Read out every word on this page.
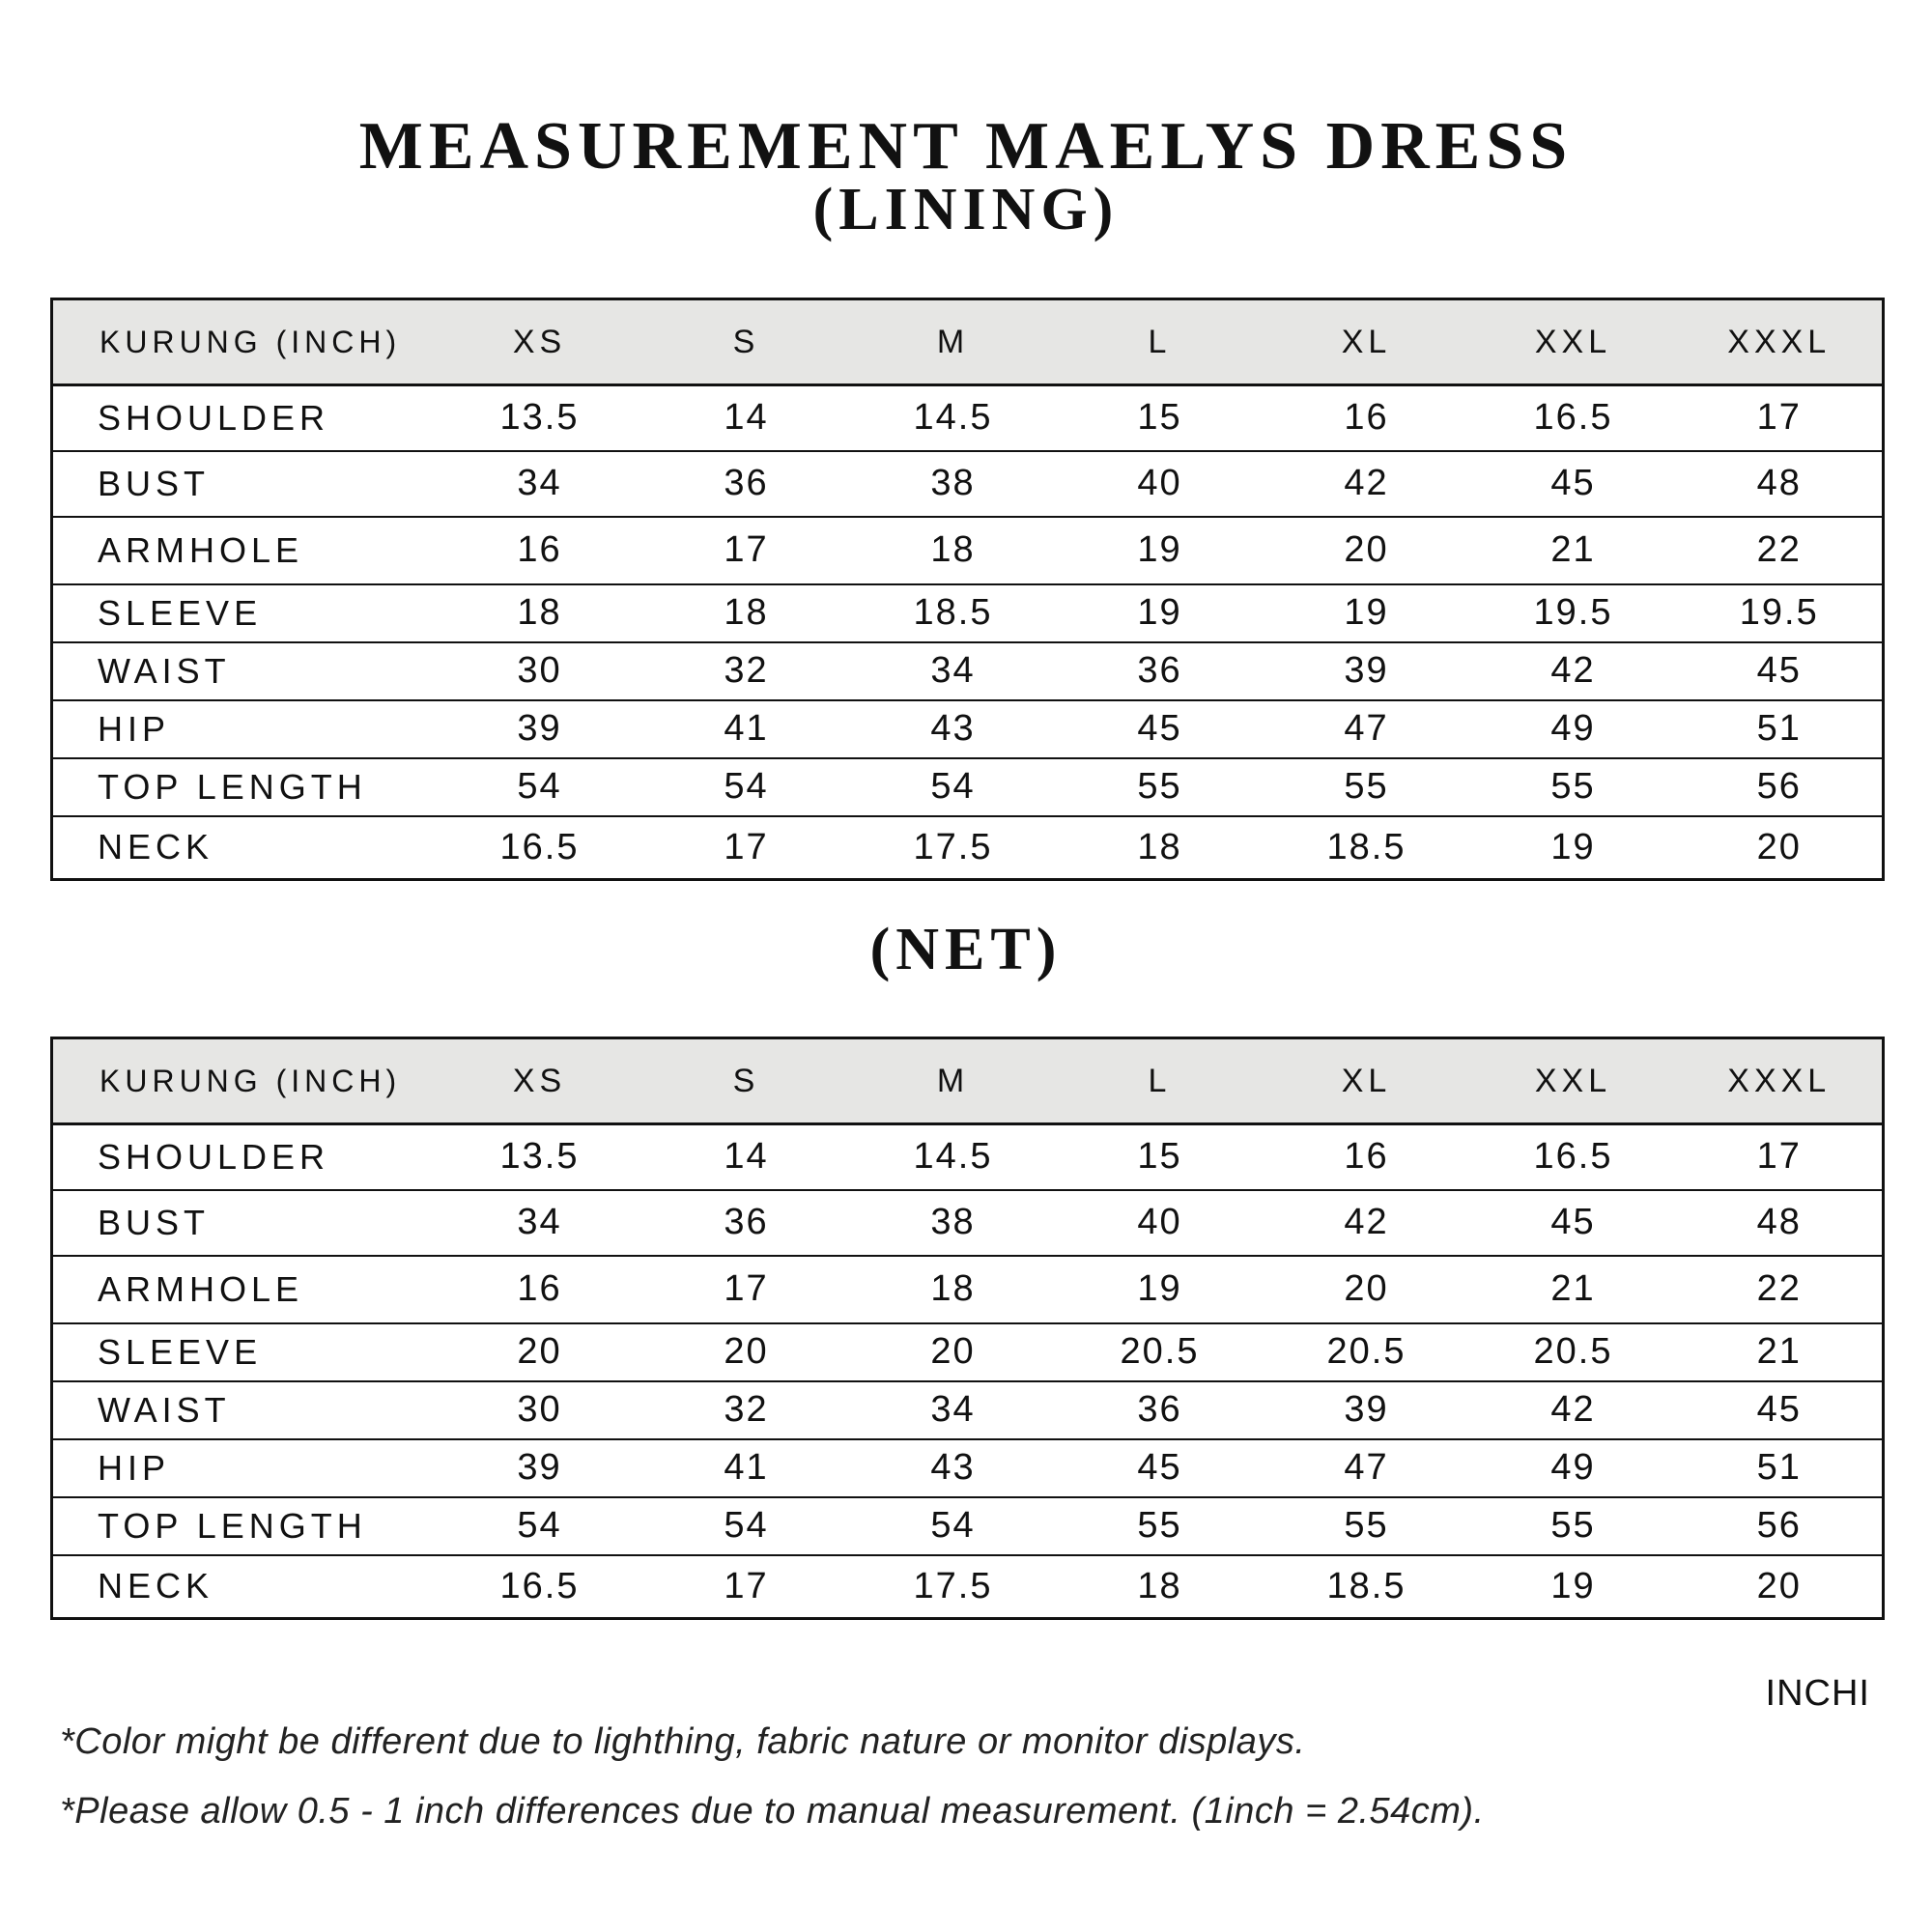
MEASUREMENT MAELYS DRESS
(LINING)
KURUNG (INCH)	XS	S	M	L	XL	XXL	XXXL
SHOULDER	13.5	14	14.5	15	16	16.5	17
BUST	34	36	38	40	42	45	48
ARMHOLE	16	17	18	19	20	21	22
SLEEVE	18	18	18.5	19	19	19.5	19.5
WAIST	30	32	34	36	39	42	45
HIP	39	41	43	45	47	49	51
TOP LENGTH	54	54	54	55	55	55	56
NECK	16.5	17	17.5	18	18.5	19	20
(NET)
KURUNG (INCH)	XS	S	M	L	XL	XXL	XXXL
SHOULDER	13.5	14	14.5	15	16	16.5	17
BUST	34	36	38	40	42	45	48
ARMHOLE	16	17	18	19	20	21	22
SLEEVE	20	20	20	20.5	20.5	20.5	21
WAIST	30	32	34	36	39	42	45
HIP	39	41	43	45	47	49	51
TOP LENGTH	54	54	54	55	55	55	56
NECK	16.5	17	17.5	18	18.5	19	20
INCHI
*Color might be different due to lighthing, fabric nature or monitor displays.
*Please allow 0.5 - 1 inch differences due to manual measurement. (1inch = 2.54cm).
